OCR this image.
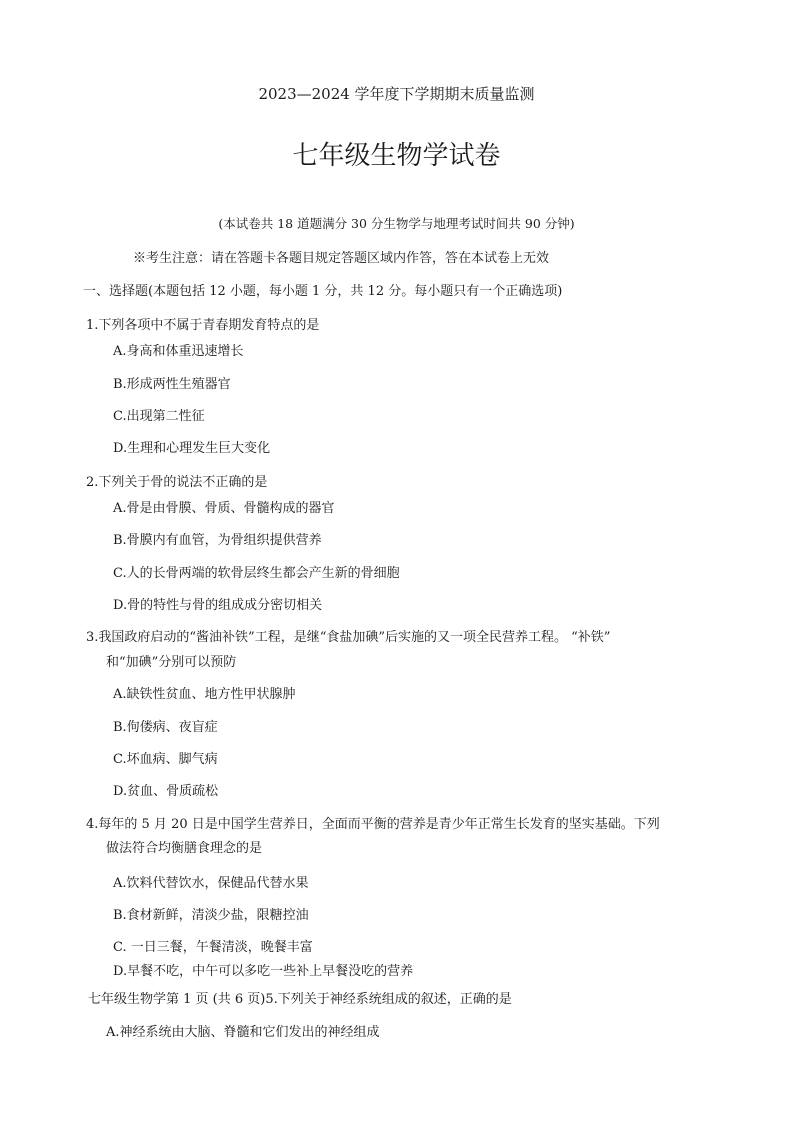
2023—2024 学年度下学期期末质量监测
七年级生物学试卷
(本试卷共 18 道题满分 30 分生物学与地理考试时间共 90 分钟)
※考生注意：请在答题卡各题目规定答题区域内作答，答在本试卷上无效
一、选择题(本题包括 12 小题，每小题 1 分，共 12 分。每小题只有一个正确选项)
1.下列各项中不属于青春期发育特点的是
A.身高和体重迅速增长
B.形成两性生殖器官
C.出现第二性征
D.生理和心理发生巨大变化
2.下列关于骨的说法不正确的是
A.骨是由骨膜、骨质、骨髓构成的器官
B.骨膜内有血管，为骨组织提供营养
C.人的长骨两端的软骨层终生都会产生新的骨细胞
D.骨的特性与骨的组成成分密切相关
3.我国政府启动的“酱油补铁”工程，是继“食盐加碘”后实施的又一项全民营养工程。 “补铁”
和“加碘”分别可以预防
A.缺铁性贫血、地方性甲状腺肿
B.佝偻病、夜盲症
C.坏血病、脚气病
D.贫血、骨质疏松
4.每年的 5 月 20 日是中国学生营养日，全面而平衡的营养是青少年正常生长发育的坚实基础。下列
做法符合均衡膳食理念的是
A.饮料代替饮水，保健品代替水果
B.食材新鲜，清淡少盐，限糖控油
C. 一日三餐，午餐清淡，晚餐丰富
D.早餐不吃，中午可以多吃一些补上早餐没吃的营养
七年级生物学第 1 页 (共 6 页)5.下列关于神经系统组成的叙述，正确的是
A.神经系统由大脑、脊髓和它们发出的神经组成
